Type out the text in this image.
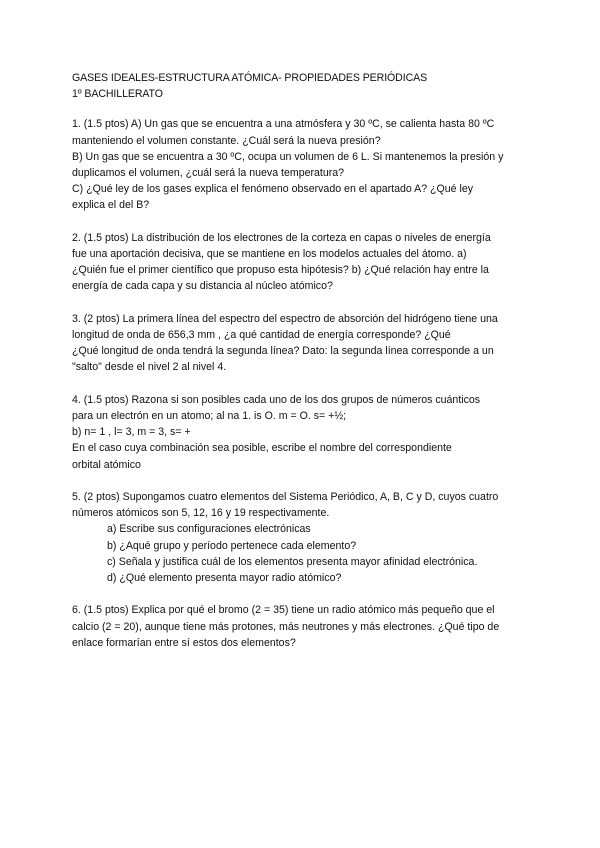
GASES IDEALES-ESTRUCTURA ATÓMICA- PROPIEDADES PERIÓDICAS
1º BACHILLERATO
1. (1.5 ptos) A) Un gas que se encuentra a una atmósfera y 30 ºC, se calienta hasta 80 ºC
manteniendo el volumen constante. ¿Cuál será la nueva presión?
B) Un gas que se encuentra a 30 ºC, ocupa un volumen de 6 L. Si mantenemos la presión y
duplicamos el volumen, ¿cuál será la nueva temperatura?
C) ¿Qué ley de los gases explica el fenómeno observado en el apartado A? ¿Qué ley
explica el del B?
2. (1.5 ptos) La distribución de los electrones de la corteza en capas o niveles de energía
fue una aportación decisiva, que se mantiene en los modelos actuales del átomo. a)
¿Quién fue el primer científico que propuso esta hipótesis? b) ¿Qué relación hay entre la
energía de cada capa y su distancia al núcleo atómico?
3. (2 ptos) La primera línea del espectro del espectro de absorción del hidrógeno tiene una
longitud de onda de 656,3 mm , ¿a qué cantidad de energía corresponde? ¿Qué
¿Qué longitud de onda tendrá la segunda línea? Dato: la segunda línea corresponde a un
"salto" desde el nivel 2 al nivel 4.
4. (1.5 ptos) Razona si son posibles cada uno de los dos grupos de números cuánticos
para un electrón en un atomo; al na 1. is O. m = O. s= +½;
b) n= 1 , l= 3, m = 3, s= +
En el caso cuya combinación sea posible, escribe el nombre del correspondiente
orbital atómico
5. (2 ptos) Supongamos cuatro elementos del Sistema Periódico, A, B, C y D, cuyos cuatro
números atómicos son 5, 12, 16 y 19 respectivamente.
a) Escribe sus configuraciones electrónicas
b) ¿Aqué grupo y período pertenece cada elemento?
c) Señala y justifica cuál de los elementos presenta mayor afinidad electrónica.
d) ¿Qué elemento presenta mayor radio atómico?
6. (1.5 ptos) Explica por qué el bromo (2 = 35) tiene un radio atómico más pequeño que el
calcio (2 = 20), aunque tiene más protones, más neutrones y más electrones. ¿Qué tipo de
enlace formarían entre sí estos dos elementos?
